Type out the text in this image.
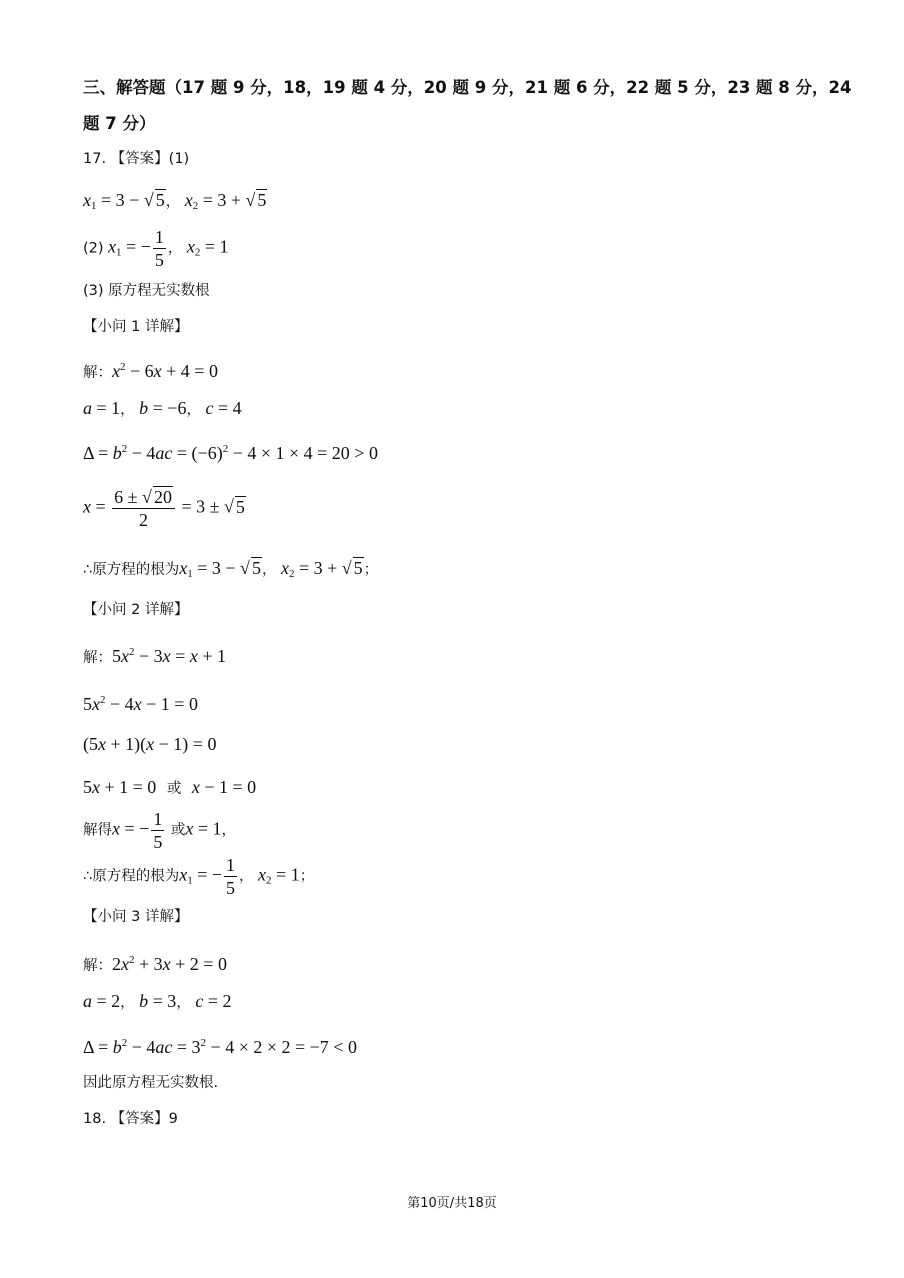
三、解答题（17 题 9 分，18，19 题 4 分，20 题 9 分，21 题 6 分，22 题 5 分，23 题 8 分，24
题 7 分）
17. 【答案】(1)
$x_1 = 3$ − √ 5， $x_2 = 3$ + √ 5
(2) $x_1$ = − $\frac{1}{5}$ ， $x_2 = 1$
(3) 原方程无实数根
【小问 1 详解】
解：$x^2 - 6x + 4 = 0$
a = 1， b = −6， c = 4
$\Delta = b^2 - 4ac = (-6)^2 - 4 \times 1 \times 4 = 20 > 0$
$x = \frac{6 \pm √ 20}{2} = 3$ ± √ 5
∴原方程的根为$x_1 = 3$ − √ 5， $x_2 = 3$ + √ 5；
【小问 2 详解】
解：$5x^2 - 3x = x + 1$
$5x^2 - 4x - 1 = 0$
(5x + 1)(x − 1) = 0
5x + 1 = 0 或 x − 1 = 0
解得x = − $\frac{1}{5}$ 或x = 1，
∴原方程的根为$x_1$ = − $\frac{1}{5}$ ， $x_2 = 1$；
【小问 3 详解】
解：$2x^2 + 3x + 2 = 0$
a = 2， b = 3， c = 2
$\Delta = b^2 - 4ac = 3^2 - 4 \times 2 \times 2 = -7 < 0$
因此原方程无实数根.
18. 【答案】9
第10页/共18页
